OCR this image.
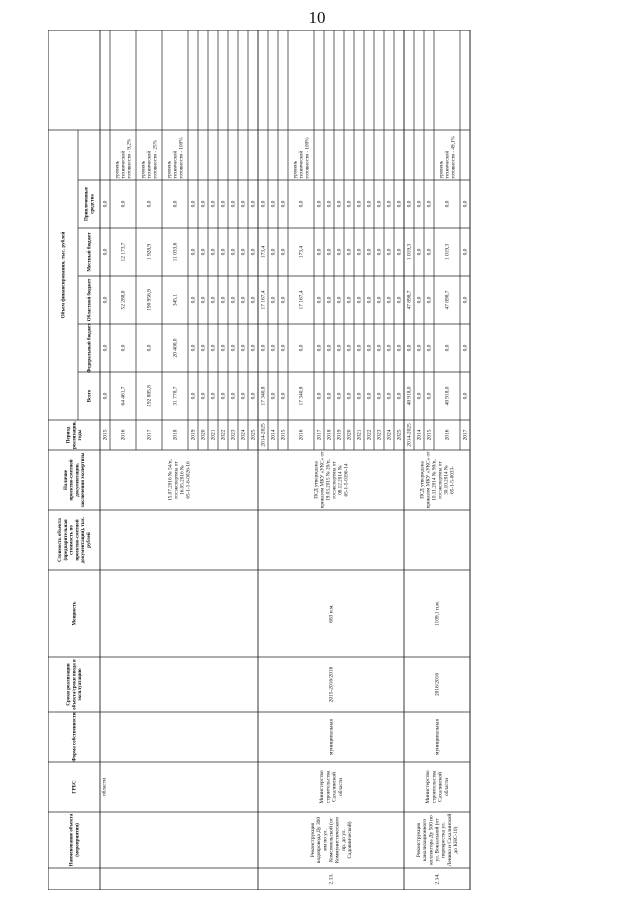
10
Наименование объекта(мероприятия)
ГРБС
Форма собственности
Сроки реализацииобъекта/сроки ввода вэксплуатацию
Мощность
Стоимость объекта(предварительнаястоимость попроектно-сметнойдокументации), тыс.рублей
Наличиепроектно-сметнойдокументации,заключения экспертизы
Периодреализации,годы
Объем финансирования, тыс. рублей
Всего
Федеральный бюджет
Областной бюджет
Местный бюджет
Привлеченныесредства
2015
0,0
0,0
0,0
0,0
0,0
2016
64 461,7
0,0
52 288,0
12 173,7
0,0
уровеньтехническойготовности - 9,2%
2017
192 885,8
0,0
190 956,9
1 928,9
0,0
уровеньтехническойготовности - 25%
2018
31 778,7
20 400,0
345,1
11 033,6
0,0
уровеньтехническойготовности - 100%
2019
0,0
0,0
0,0
0,0
0,0
2020
0,0
0,0
0,0
0,0
0,0
2021
0,0
0,0
0,0
0,0
0,0
2022
0,0
0,0
0,0
0,0
0,0
2023
0,0
0,0
0,0
0,0
0,0
2024
0,0
0,0
0,0
0,0
0,0
2025
0,0
0,0
0,0
0,0
0,0
области
15.07.2016 № 54/п,госэкспертиза от16.05.2016 №65-1-1-6-0026-16
2014-2025
17 340,8
0,0
17 167,4
173,4
0,0
2014
0,0
0,0
0,0
0,0
0,0
2015
0,0
0,0
0,0
0,0
0,0
2016
17 340,8
0,0
17 167,4
173,4
0,0
уровеньтехническойготовности - 100%
2017
0,0
0,0
0,0
0,0
0,0
2018
0,0
0,0
0,0
0,0
0,0
2019
0,0
0,0
0,0
0,0
0,0
2020
0,0
0,0
0,0
0,0
0,0
2021
0,0
0,0
0,0
0,0
0,0
2022
0,0
0,0
0,0
0,0
0,0
2023
0,0
0,0
0,0
0,0
0,0
2024
0,0
0,0
0,0
0,0
0,0
2025
0,0
0,0
0,0
0,0
0,0
2.13.
Реконструкцияводопровода Ду 300мм по ул.Комсомольской (отКоммунистическогопр. до ул.Садовнической)
МинистерствостроительстваСахалинскойобласти
муниципальная
2015-2016/2016
683 п.м.
ПСД утвержденаприказом МКУ «УКС» от19.03.2015 № 20/п,госэкспертиза от08.12.2014 №65-1-5-0196-14
2014-2025
48 918,0
0,0
47 898,7
1 019,3
0,0
2014
0,0
0,0
0,0
0,0
0,0
2015
0,0
0,0
0,0
0,0
0,0
2016
48 918,0
0,0
47 898,7
1 019,3
0,0
уровеньтехническойготовности - 49,1%
2017
0,0
0,0
0,0
0,0
0,0
2.14.
Реконструкцияканализационногоколлектора Ду 500 поул. Вокзальной (отперекрестка ул.Ленина и Сахалинскойдо КНС-10)
МинистерствостроительстваСахалинскойобласти
муниципальная
2016/2016
1109,1 п.м.
ПСД утвержденаприказом МКУ «УКС» от10.11.2014 № 90/п,госэкспертиза от30.10.2014 №65-1-5-0033-
